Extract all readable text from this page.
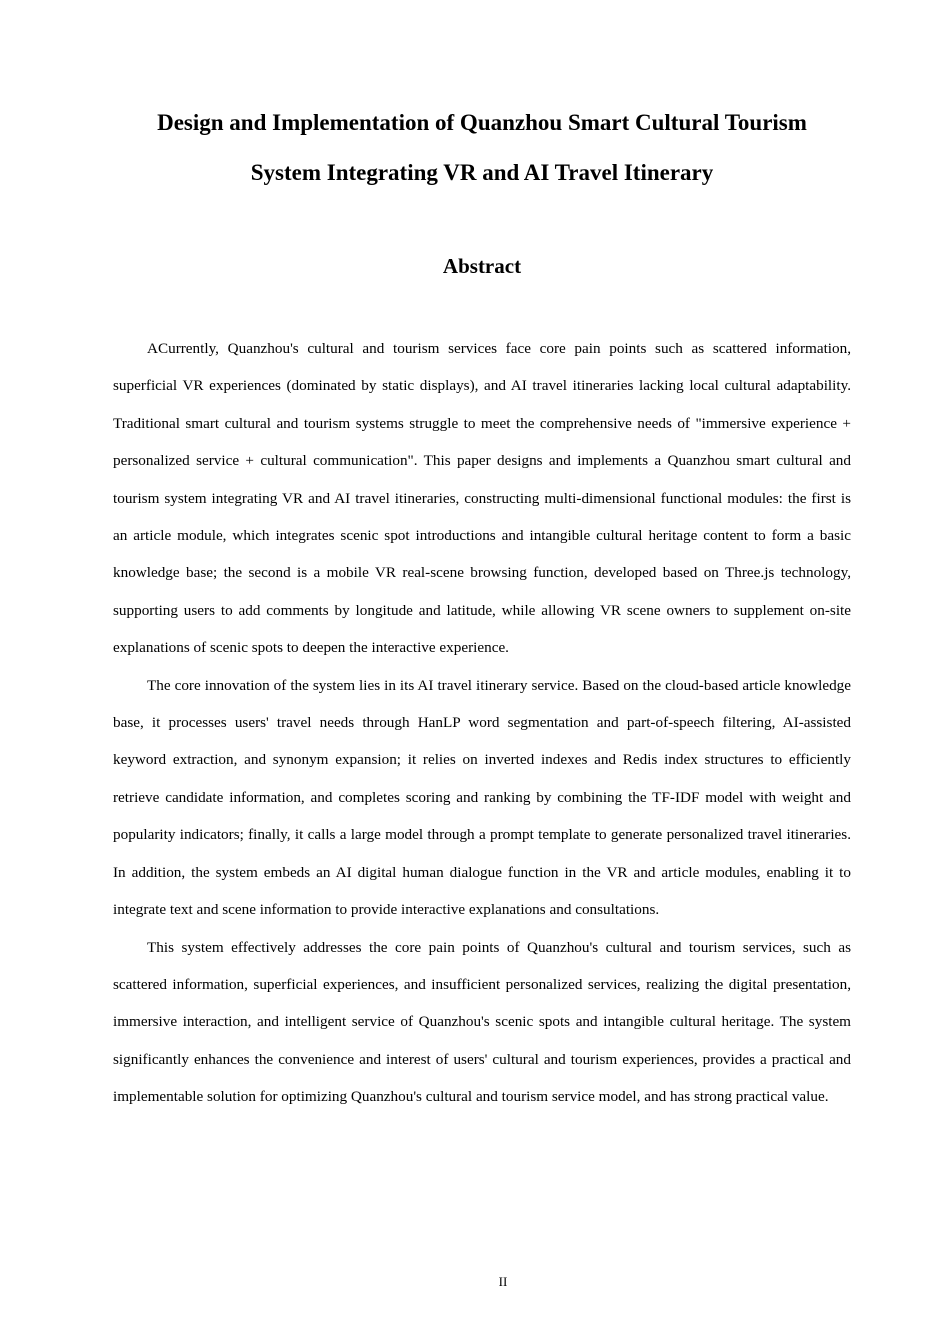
Design and Implementation of Quanzhou Smart Cultural Tourism
System Integrating VR and AI Travel Itinerary
Abstract

ACurrently, Quanzhou's cultural and tourism services face core pain points such as scattered information, superficial VR experiences (dominated by static displays), and AI travel itineraries lacking local cultural adaptability. Traditional smart cultural and tourism systems struggle to meet the comprehensive needs of "immersive experience + personalized service + cultural communication". This paper designs and implements a Quanzhou smart cultural and tourism system integrating VR and AI travel itineraries, constructing multi-dimensional functional modules: the first is an article module, which integrates scenic spot introductions and intangible cultural heritage content to form a basic knowledge base; the second is a mobile VR real-scene browsing function, developed based on Three.js technology, supporting users to add comments by longitude and latitude, while allowing VR scene owners to supplement on-site explanations of scenic spots to deepen the interactive experience.

The core innovation of the system lies in its AI travel itinerary service. Based on the cloud-based article knowledge base, it processes users' travel needs through HanLP word segmentation and part-of-speech filtering, AI-assisted keyword extraction, and synonym expansion; it relies on inverted indexes and Redis index structures to efficiently retrieve candidate information, and completes scoring and ranking by combining the TF-IDF model with weight and popularity indicators; finally, it calls a large model through a prompt template to generate personalized travel itineraries. In addition, the system embeds an AI digital human dialogue function in the VR and article modules, enabling it to integrate text and scene information to provide interactive explanations and consultations.

This system effectively addresses the core pain points of Quanzhou's cultural and tourism services, such as scattered information, superficial experiences, and insufficient personalized services, realizing the digital presentation, immersive interaction, and intelligent service of Quanzhou's scenic spots and intangible cultural heritage. The system significantly enhances the convenience and interest of users' cultural and tourism experiences, provides a practical and implementable solution for optimizing Quanzhou's cultural and tourism service model, and has strong practical value.

II
